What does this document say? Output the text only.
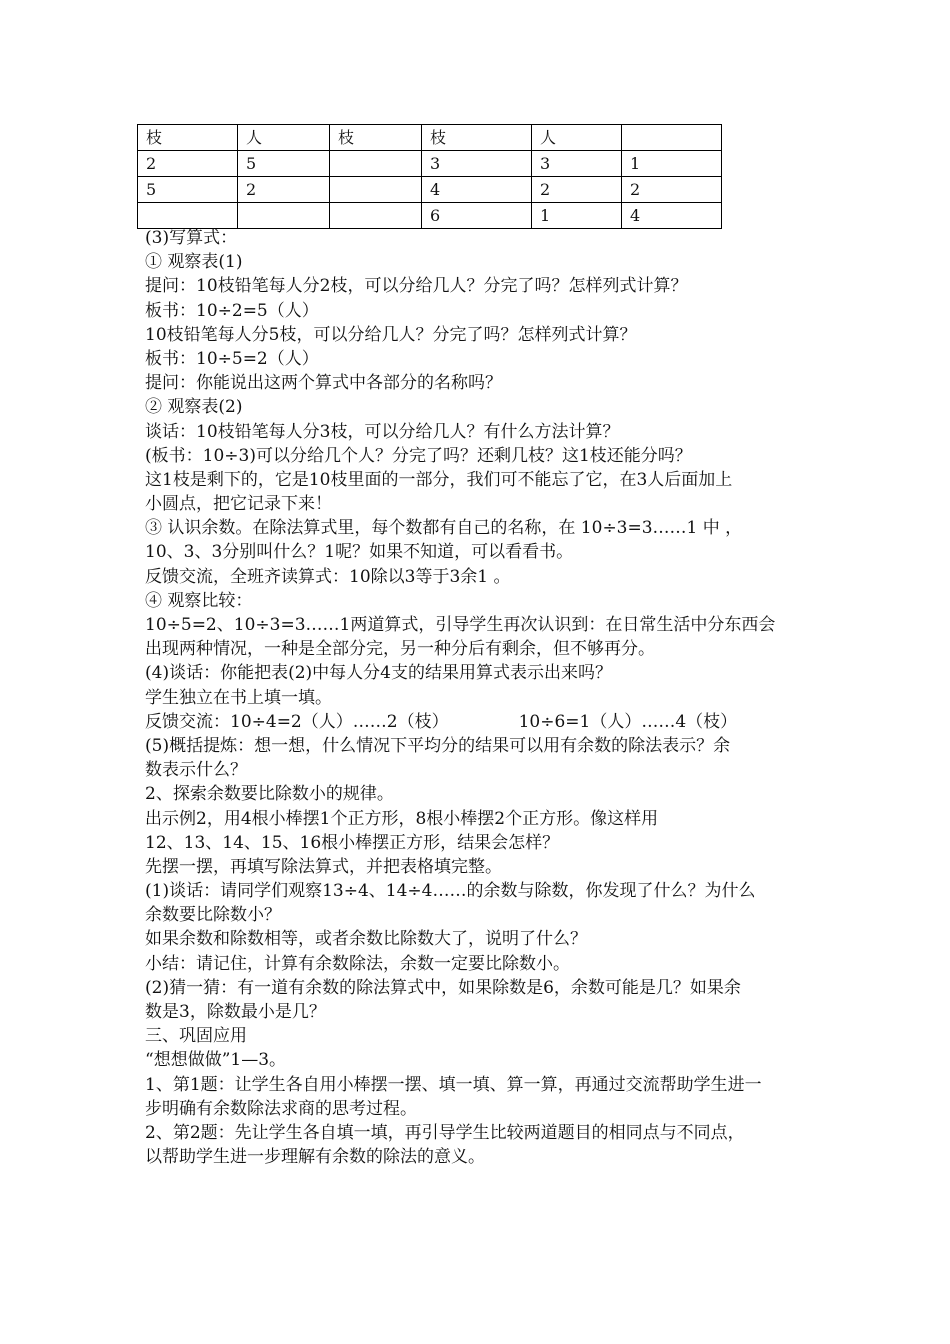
枝	人	枝	枝	人	
2	5		3	3	1
5	2		4	2	2
			6	1	4
(3)写算式：
① 观察表(1)
提问：10枝铅笔每人分2枝，可以分给几人？分完了吗？怎样列式计算？
板书：10÷2=5（人）
10枝铅笔每人分5枝，可以分给几人？分完了吗？怎样列式计算？
板书：10÷5=2（人）
提问：你能说出这两个算式中各部分的名称吗？
② 观察表(2)
谈话：10枝铅笔每人分3枝，可以分给几人？有什么方法计算？
(板书：10÷3)可以分给几个人？分完了吗？还剩几枝？这1枝还能分吗？
这1枝是剩下的，它是10枝里面的一部分，我们可不能忘了它，在3人后面加上
小圆点，把它记录下来！
③ 认识余数。在除法算式里，每个数都有自己的名称，在 10÷3=3……1 中 ，
10、3、3分别叫什么？1呢？如果不知道，可以看看书。
反馈交流，全班齐读算式：10除以3等于3余1 。
④ 观察比较：
10÷5=2、10÷3=3……1两道算式，引导学生再次认识到：在日常生活中分东西会
出现两种情况，一种是全部分完，另一种分后有剩余，但不够再分。
(4)谈话：你能把表(2)中每人分4支的结果用算式表示出来吗？
学生独立在书上填一填。
反馈交流：10÷4=2（人）……2（枝）	10÷6=1（人）……4（枝）
(5)概括提炼：想一想，什么情况下平均分的结果可以用有余数的除法表示？余
数表示什么？
2、探索余数要比除数小的规律。
出示例2，用4根小棒摆1个正方形，8根小棒摆2个正方形。像这样用
12、13、14、15、16根小棒摆正方形，结果会怎样？
先摆一摆，再填写除法算式，并把表格填完整。
(1)谈话：请同学们观察13÷4、14÷4……的余数与除数，你发现了什么？为什么
余数要比除数小？
如果余数和除数相等，或者余数比除数大了，说明了什么？
小结：请记住，计算有余数除法，余数一定要比除数小。
(2)猜一猜：有一道有余数的除法算式中，如果除数是6，余数可能是几？如果余
数是3，除数最小是几？
三、巩固应用
“想想做做”1—3。
1、第1题：让学生各自用小棒摆一摆、填一填、算一算，再通过交流帮助学生进一
步明确有余数除法求商的思考过程。
2、第2题：先让学生各自填一填，再引导学生比较两道题目的相同点与不同点，
以帮助学生进一步理解有余数的除法的意义。
